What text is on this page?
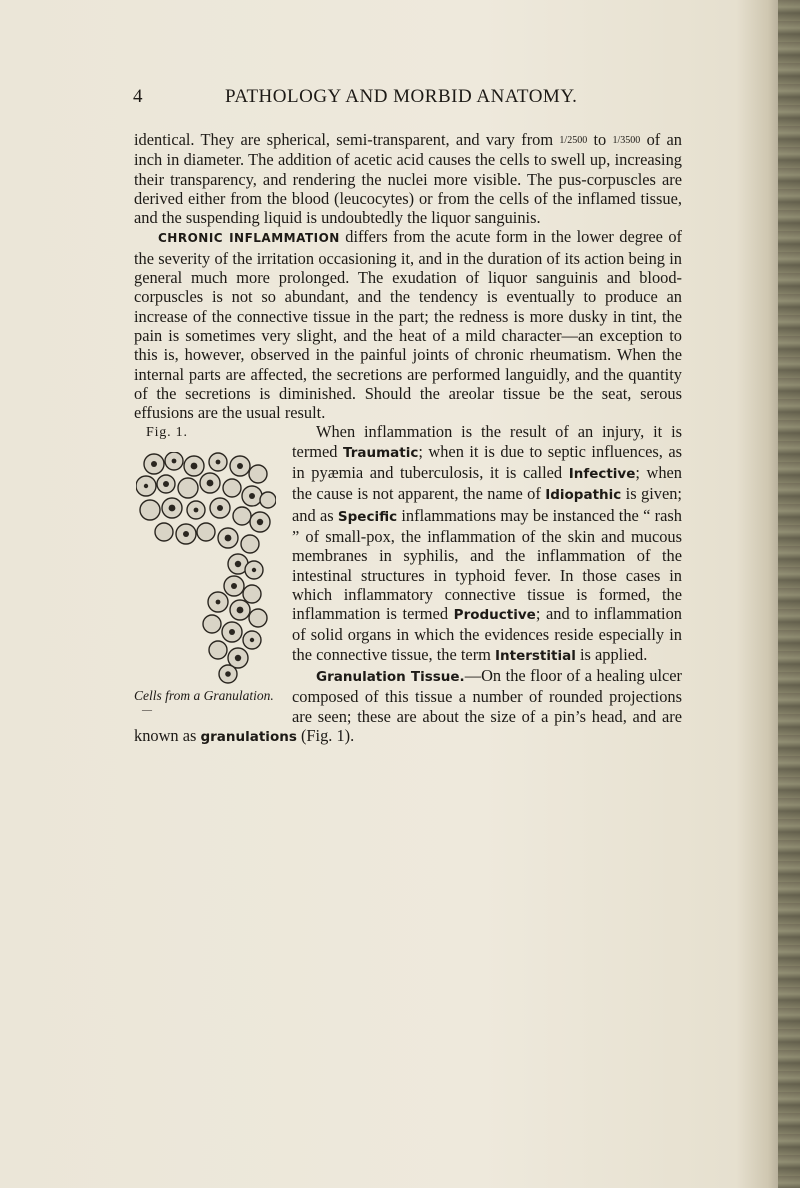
4	PATHOLOGY AND MORBID ANATOMY.

identical. They are spherical, semi-transparent, and vary from 1/2500 to 1/3500 of an inch in diameter. The addition of acetic acid causes the cells to swell up, increasing their transparency, and rendering the nuclei more visible. The pus-corpuscles are derived either from the blood (leucocytes) or from the cells of the inflamed tissue, and the suspending liquid is undoubtedly the liquor sanguinis.

CHRONIC INFLAMMATION differs from the acute form in the lower degree of the severity of the irritation occasioning it, and in the duration of its action being in general much more prolonged. The exudation of liquor sanguinis and blood-corpuscles is not so abundant, and the tendency is eventually to produce an increase of the connective tissue in the part; the redness is more dusky in tint, the pain is sometimes very slight, and the heat of a mild character—an exception to this is, however, observed in the painful joints of chronic rheumatism. When the internal parts are affected, the secretions are performed languidly, and the quantity of the secretions is diminished. Should the areolar tissue be the seat, serous effusions are the usual result.

Fig. 1.
Cells from a Granulation.
—

When inflammation is the result of an injury, it is termed Traumatic; when it is due to septic influences, as in pyæmia and tuberculosis, it is called Infective; when the cause is not apparent, the name of Idiopathic is given; and as Specific inflammations may be instanced the “ rash ” of small-pox, the inflammation of the skin and mucous membranes in syphilis, and the inflammation of the intestinal structures in typhoid fever. In those cases in which inflammatory connective tissue is formed, the inflammation is termed Productive; and to inflammation of solid organs in which the evidences reside especially in the connective tissue, the term Interstitial is applied.

Granulation Tissue.—On the floor of a healing ulcer composed of this tissue a number of rounded projections are seen; these are about the size of a pin’s head, and are known as granulations (Fig. 1).
